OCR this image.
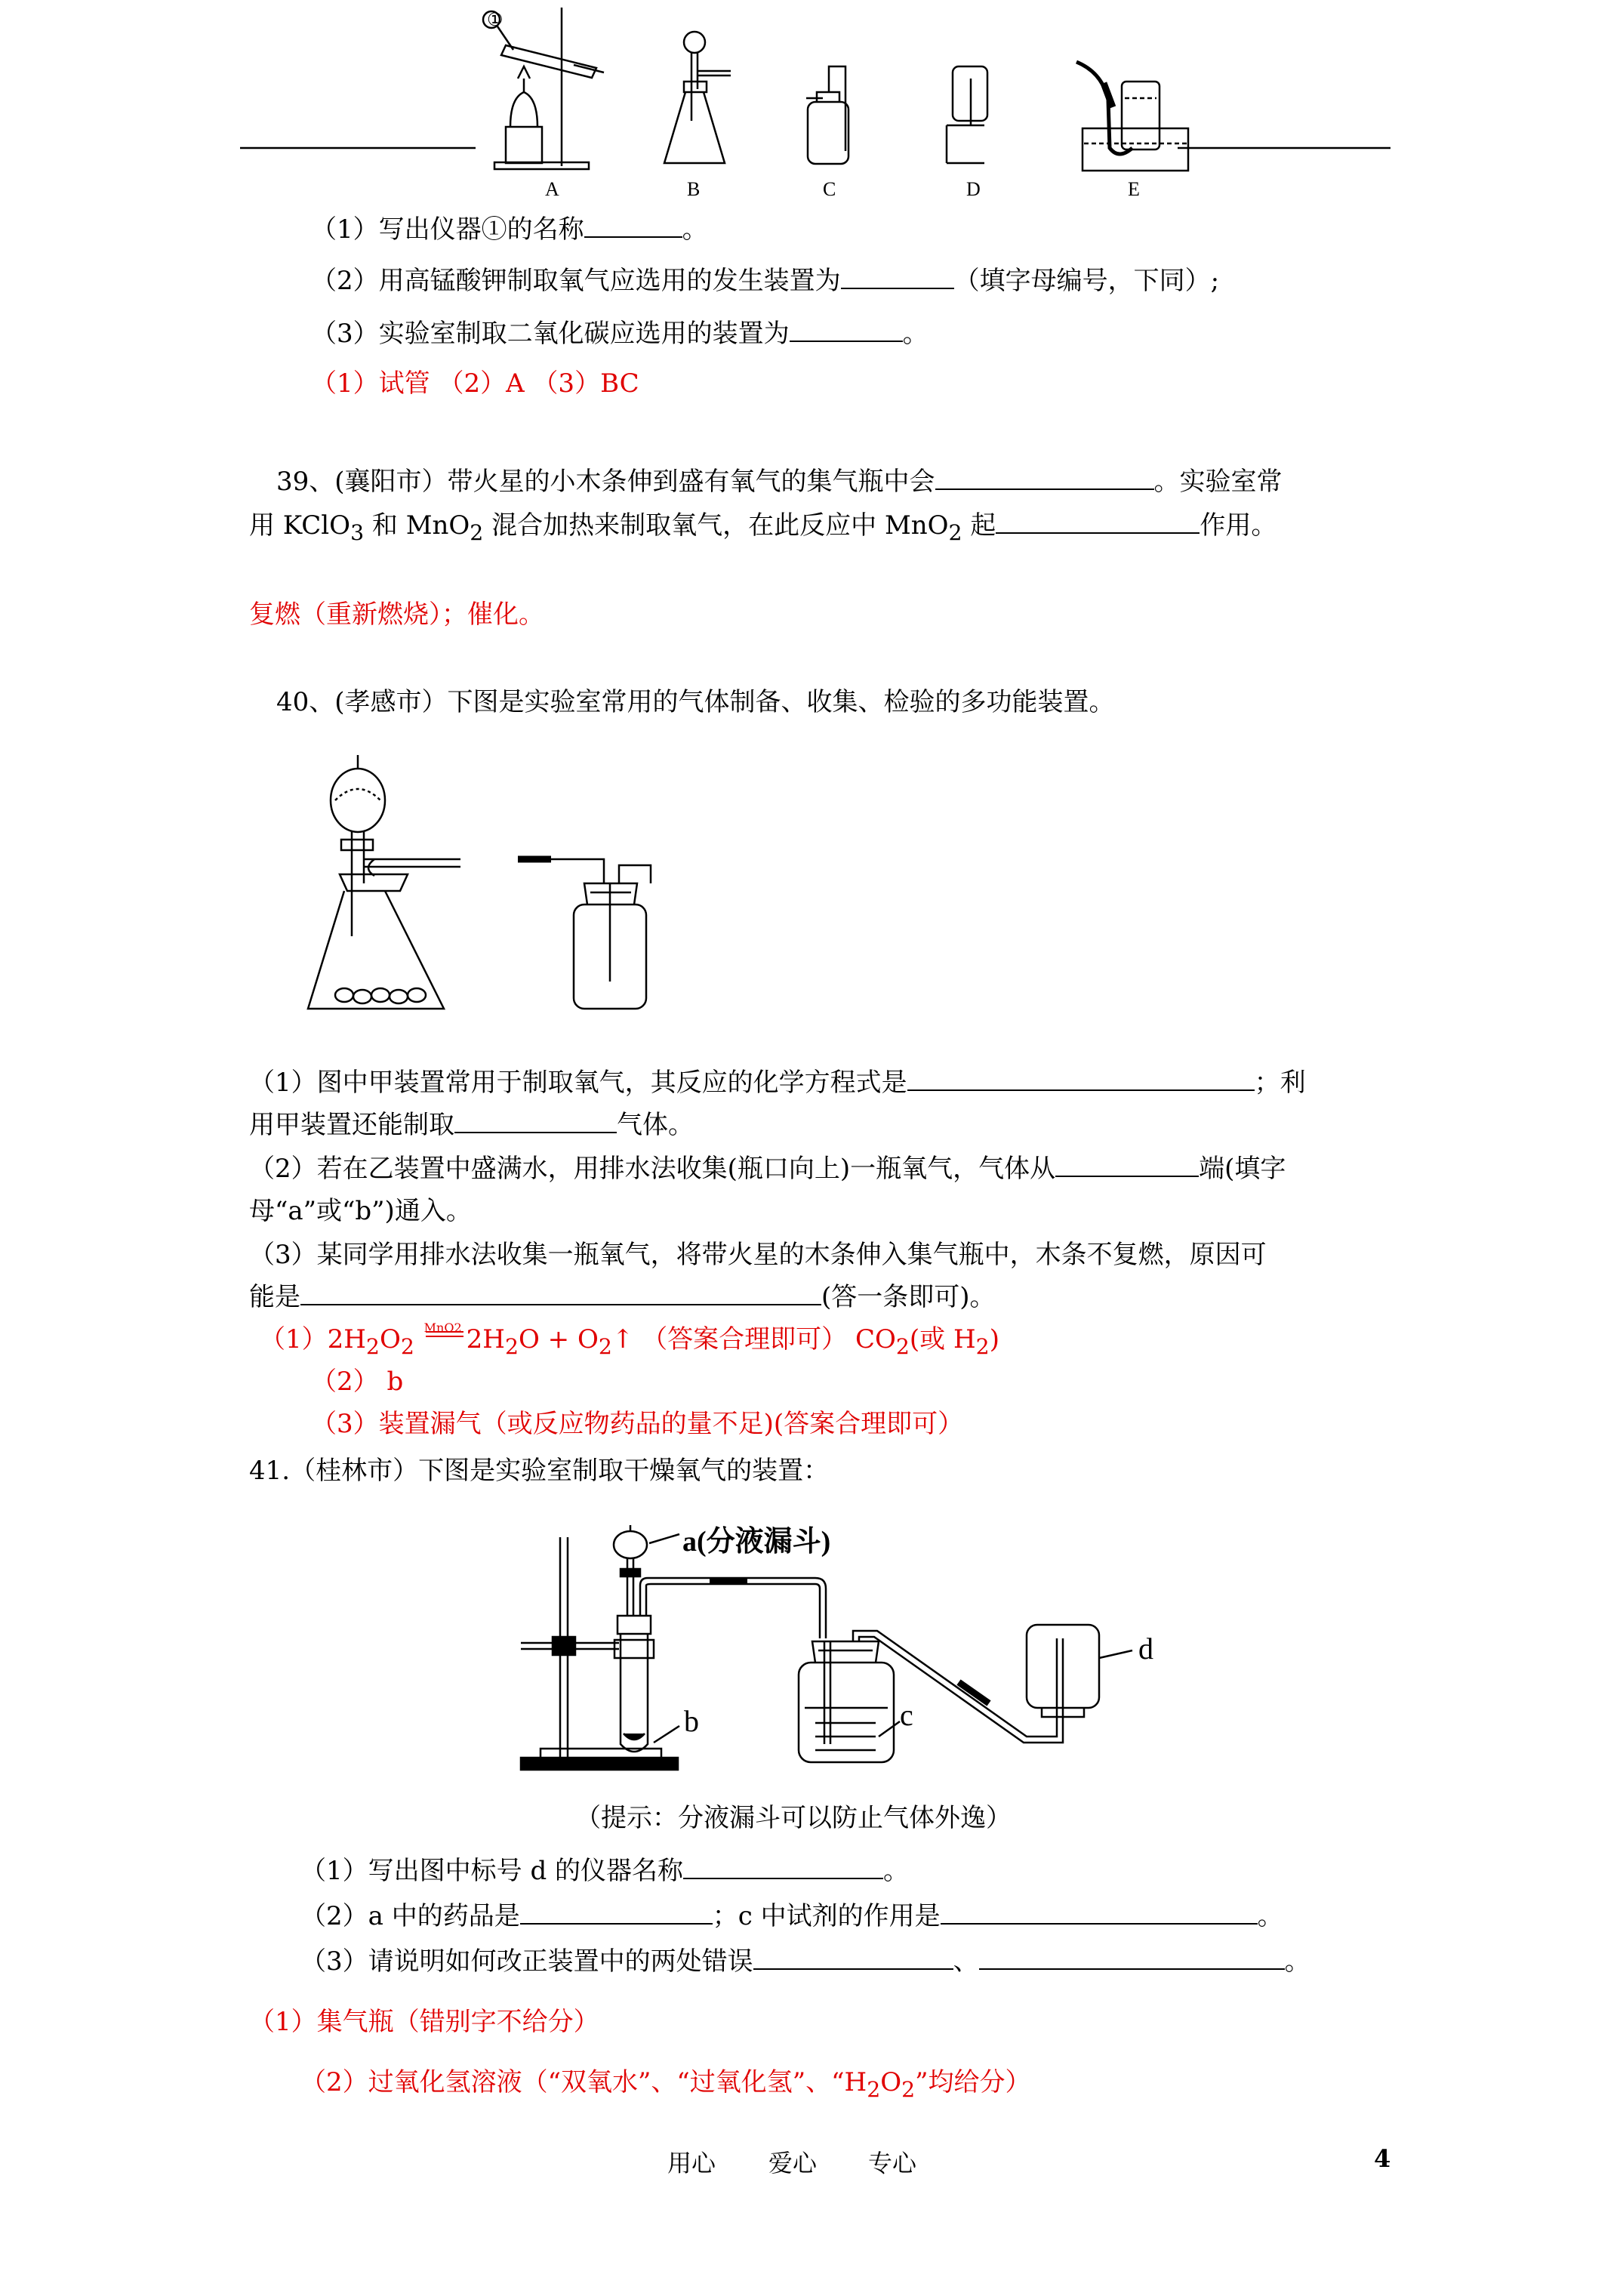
①
A	B	C	D	E
（1）写出仪器①的名称	。
（2）用高锰酸钾制取氧气应选用的发生装置为	（填字母编号，下同）;
（3）实验室制取二氧化碳应选用的装置为	。
（1）试管 （2）A （3）BC
39、(襄阳市）带火星的小木条伸到盛有氧气的集气瓶中会	。实验室常
用 KClO$_3$ 和 MnO$_2$ 混合加热来制取氧气，在此反应中 MnO$_2$ 起	作用。
复燃（重新燃烧）；催化。
40、(孝感市）下图是实验室常用的气体制备、收集、检验的多功能装置。
（1）图中甲装置常用于制取氧气，其反应的化学方程式是	；利
用甲装置还能制取	气体。
（2）若在乙装置中盛满水，用排水法收集(瓶口向上)一瓶氧气，气体从	端(填字
母“a”或“b”)通入。
（3）某同学用排水法收集一瓶氧气，将带火星的木条伸入集气瓶中，木条不复燃，原因可
能是	(答一条即可)。
$(1)2H_2O_2$
MnO2 $2H_2O$ + $O_2↑$ （答案合理即可） $CO_2$(或 $H_2$)
（2） b
（3）装置漏气（或反应物药品的量不足)(答案合理即可）
41.（桂林市）下图是实验室制取干燥氧气的装置：
a(分液漏斗)
b	c
d
（提示：分液漏斗可以防止气体外逸）
（1）写出图中标号 d 的仪器名称	。
（2）a 中的药品是	；c 中试剂的作用是	。
（3）请说明如何改正装置中的两处错误	、	。
（1）集气瓶（错别字不给分）
（2）过氧化氢溶液（“双氧水”、“过氧化氢”、“$H_2O_2$”均给分）
用心 爱心 专心	4
